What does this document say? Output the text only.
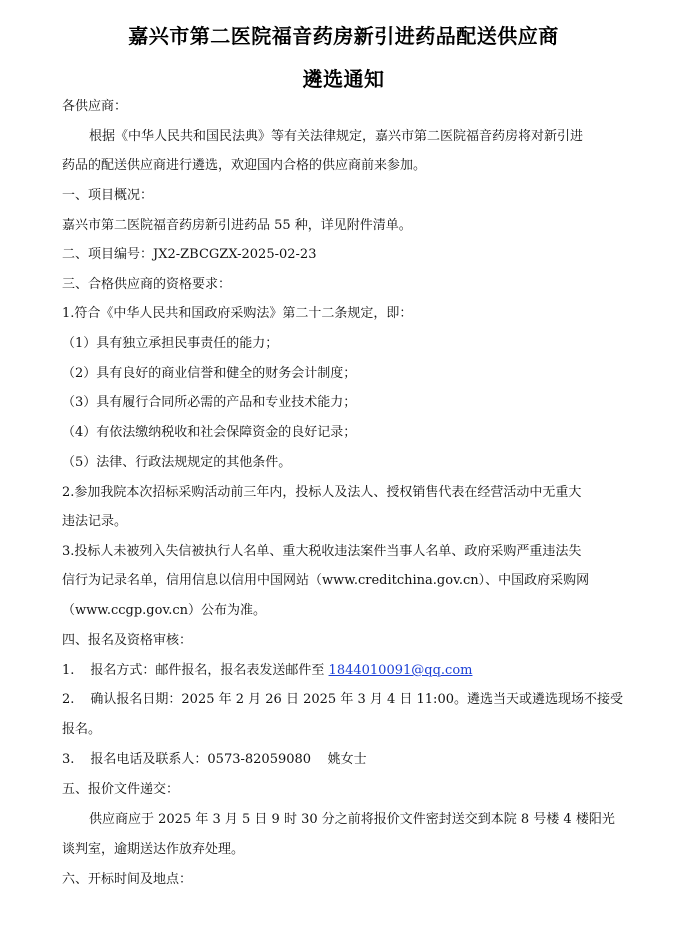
嘉兴市第二医院福音药房新引进药品配送供应商
遴选通知
各供应商：
根据《中华人民共和国民法典》等有关法律规定，嘉兴市第二医院福音药房将对新引进
药品的配送供应商进行遴选，欢迎国内合格的供应商前来参加。
一、项目概况：
嘉兴市第二医院福音药房新引进药品 55 种，详见附件清单。
二、项目编号：JX2-ZBCGZX-2025-02-23
三、合格供应商的资格要求：
1.符合《中华人民共和国政府采购法》第二十二条规定，即：
（1）具有独立承担民事责任的能力；
（2）具有良好的商业信誉和健全的财务会计制度；
（3）具有履行合同所必需的产品和专业技术能力；
（4）有依法缴纳税收和社会保障资金的良好记录；
（5）法律、行政法规规定的其他条件。
2.参加我院本次招标采购活动前三年内，投标人及法人、授权销售代表在经营活动中无重大
违法记录。
3.投标人未被列入失信被执行人名单、重大税收违法案件当事人名单、政府采购严重违法失
信行为记录名单，信用信息以信用中国网站（www.creditchina.gov.cn）、中国政府采购网
（www.ccgp.gov.cn）公布为准。
四、报名及资格审核：
1. 报名方式：邮件报名，报名表发送邮件至 1844010091@qq.com
2. 确认报名日期：2025 年 2 月 26 日 2025 年 3 月 4 日 11:00。遴选当天或遴选现场不接受
报名。
3. 报名电话及联系人：0573-82059080    姚女士
五、报价文件递交：
供应商应于 2025 年 3 月 5 日 9 时 30 分之前将报价文件密封送交到本院 8 号楼 4 楼阳光
谈判室，逾期送达作放弃处理。
六、开标时间及地点：
